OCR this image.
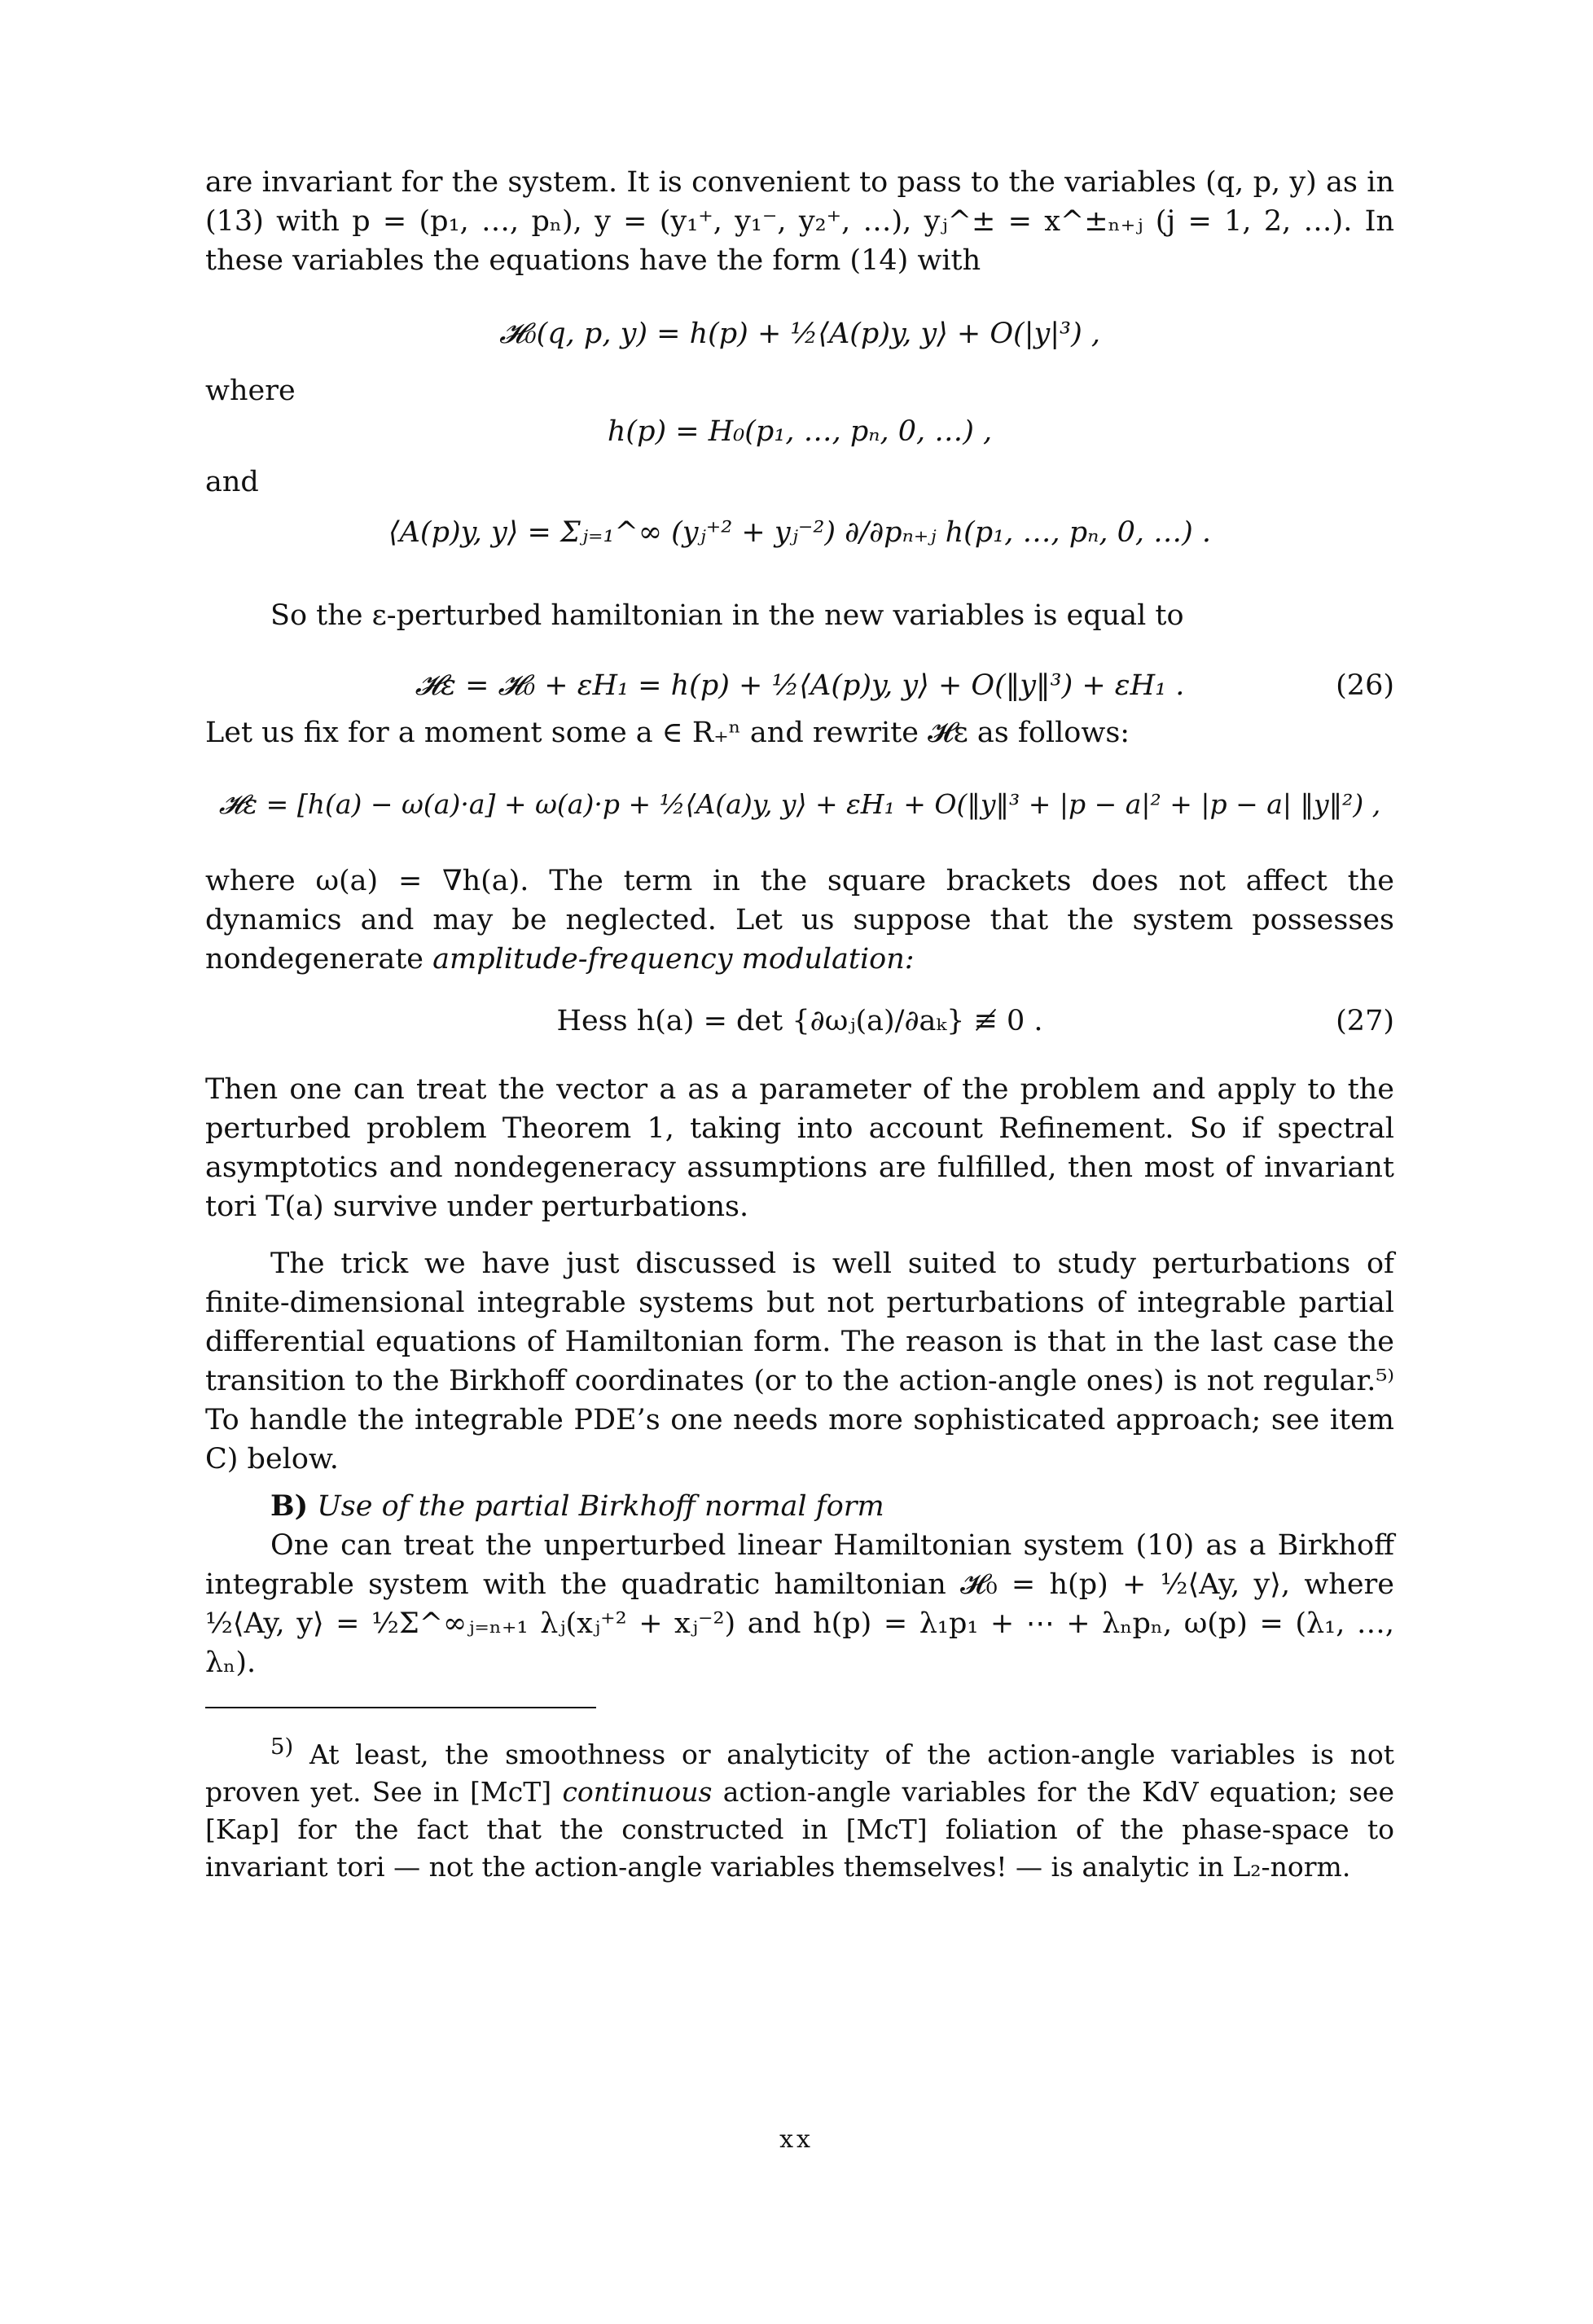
are invariant for the system. It is convenient to pass to the variables (q, p, y) as in (13) with p = (p₁, …, pₙ), y = (y₁⁺, y₁⁻, y₂⁺, …), yⱼ^± = x^±ₙ₊ⱼ (j = 1, 2, …). In these variables the equations have the form (14) with

𝓗₀(q, p, y) = h(p) + ½⟨A(p)y, y⟩ + O(|y|³) ,

where

h(p) = H₀(p₁, …, pₙ, 0, …) ,

and

⟨A(p)y, y⟩ = Σⱼ₌₁^∞ (yⱼ⁺² + yⱼ⁻²) ∂/∂pₙ₊ⱼ h(p₁, …, pₙ, 0, …) .

So the ε-perturbed hamiltonian in the new variables is equal to

𝓗ε = 𝓗₀ + εH₁ = h(p) + ½⟨A(p)y, y⟩ + O(‖y‖³) + εH₁ .	(26)

Let us fix for a moment some a ∈ R₊ⁿ and rewrite 𝓗ε as follows:

𝓗ε = [h(a) − ω(a)·a] + ω(a)·p + ½⟨A(a)y, y⟩ + εH₁ + O(‖y‖³ + |p − a|² + |p − a| ‖y‖²) ,

where ω(a) = ∇h(a). The term in the square brackets does not affect the dynamics and may be neglected. Let us suppose that the system possesses nondegenerate amplitude-frequency modulation:

Hess h(a) = det {∂ωⱼ(a)/∂aₖ} ≢ 0 .	(27)

Then one can treat the vector a as a parameter of the problem and apply to the perturbed problem Theorem 1, taking into account Refinement. So if spectral asymptotics and nondegeneracy assumptions are fulfilled, then most of invariant tori T(a) survive under perturbations.

The trick we have just discussed is well suited to study perturbations of finite-dimensional integrable systems but not perturbations of integrable partial differential equations of Hamiltonian form. The reason is that in the last case the transition to the Birkhoff coordinates (or to the action-angle ones) is not regular.⁵⁾ To handle the integrable PDE’s one needs more sophisticated approach; see item C) below.

B) Use of the partial Birkhoff normal form

One can treat the unperturbed linear Hamiltonian system (10) as a Birkhoff integrable system with the quadratic hamiltonian 𝓗₀ = h(p) + ½⟨Ay, y⟩, where ½⟨Ay, y⟩ = ½Σ^∞ⱼ₌ₙ₊₁ λⱼ(xⱼ⁺² + xⱼ⁻²) and h(p) = λ₁p₁ + ⋯ + λₙpₙ, ω(p) = (λ₁, …, λₙ).

$^{5)}$ At least, the smoothness or analyticity of the action-angle variables is not proven yet. See in [McT] continuous action-angle variables for the KdV equation; see [Kap] for the fact that the constructed in [McT] foliation of the phase-space to invariant tori — not the action-angle variables themselves! — is analytic in L₂-norm.

xx
